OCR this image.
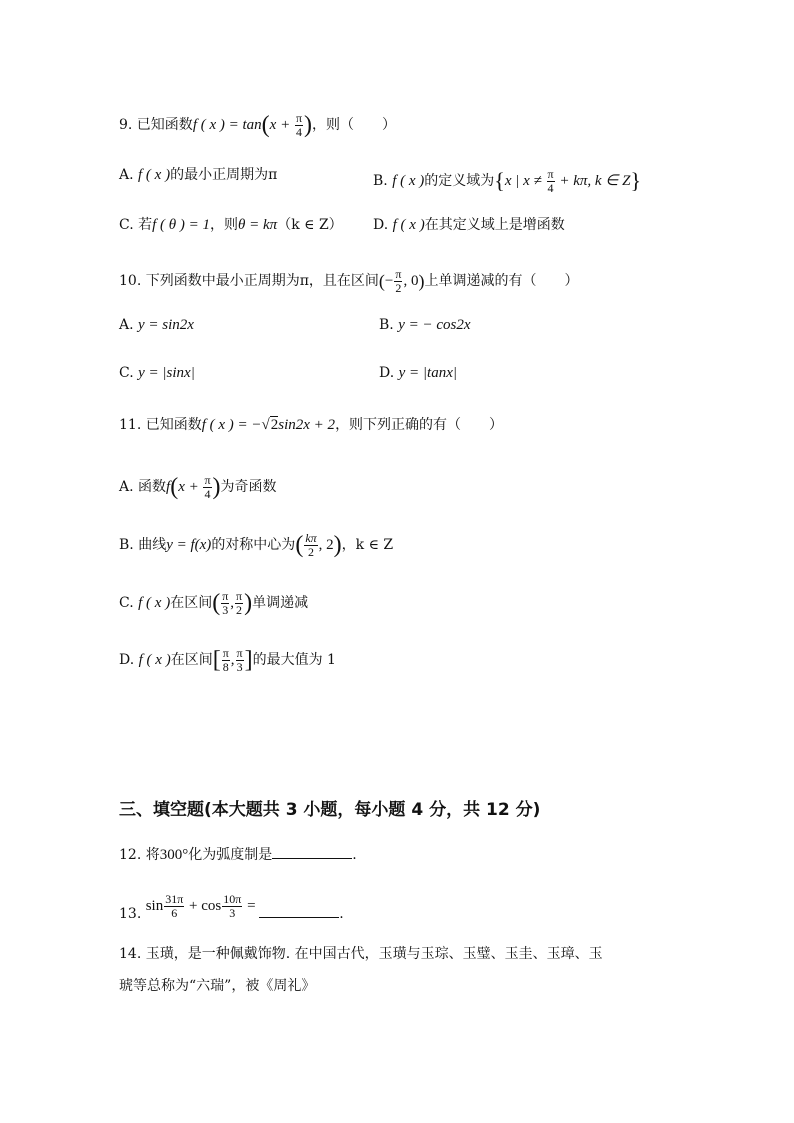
9. 已知函数f ( x ) = $\tan(x + \frac{\pi}{4}$ )，则（　　）
A. f ( x )的最小正周期为π	B. f ( x )的定义域为{x | $x \ne \frac{\pi}{4} + k\pi$, k ∈ Z}
C. 若f ( θ ) = 1，则θ = kπ（k ∈ Z） D. f ( x )在其定义域上是增函数
10. 下列函数中最小正周期为π，且在区间(− $\frac{\pi}{2}$ , 0)上单调递减的有（　　）
A. y = sin2x	B. y = − cos2x
C. y = |sinx|	D. y = |tanx|
11. 已知函数f ( x ) = −√2sin2x + 2，则下列正确的有（　　）
A. 函数$f(x + \frac{\pi}{4}$ )为奇函数
B. 曲线y = f(x)的对称中心为( $\frac{k\pi}{2}$ , 2)，k ∈ Z
C. f ( x )在区间( $\frac{\pi}{3}$ , $\frac{\pi}{2}$ )单调递减
D. f ( x )在区间[ $\frac{\pi}{8}$ , $\frac{\pi}{3}$ ]的最大值为 1
三、填空题(本大题共 3 小题，每小题 4 分，共 12 分)
12. 将300°化为弧度制是	.
13. $\sin \frac{31\pi}{6} + \cos \frac{10\pi}{3}$ =	.
14. 玉璜，是一种佩戴饰物. 在中国古代，玉璜与玉琮、玉璧、玉圭、玉璋、玉
琥等总称为“六瑞”，被《周礼》
